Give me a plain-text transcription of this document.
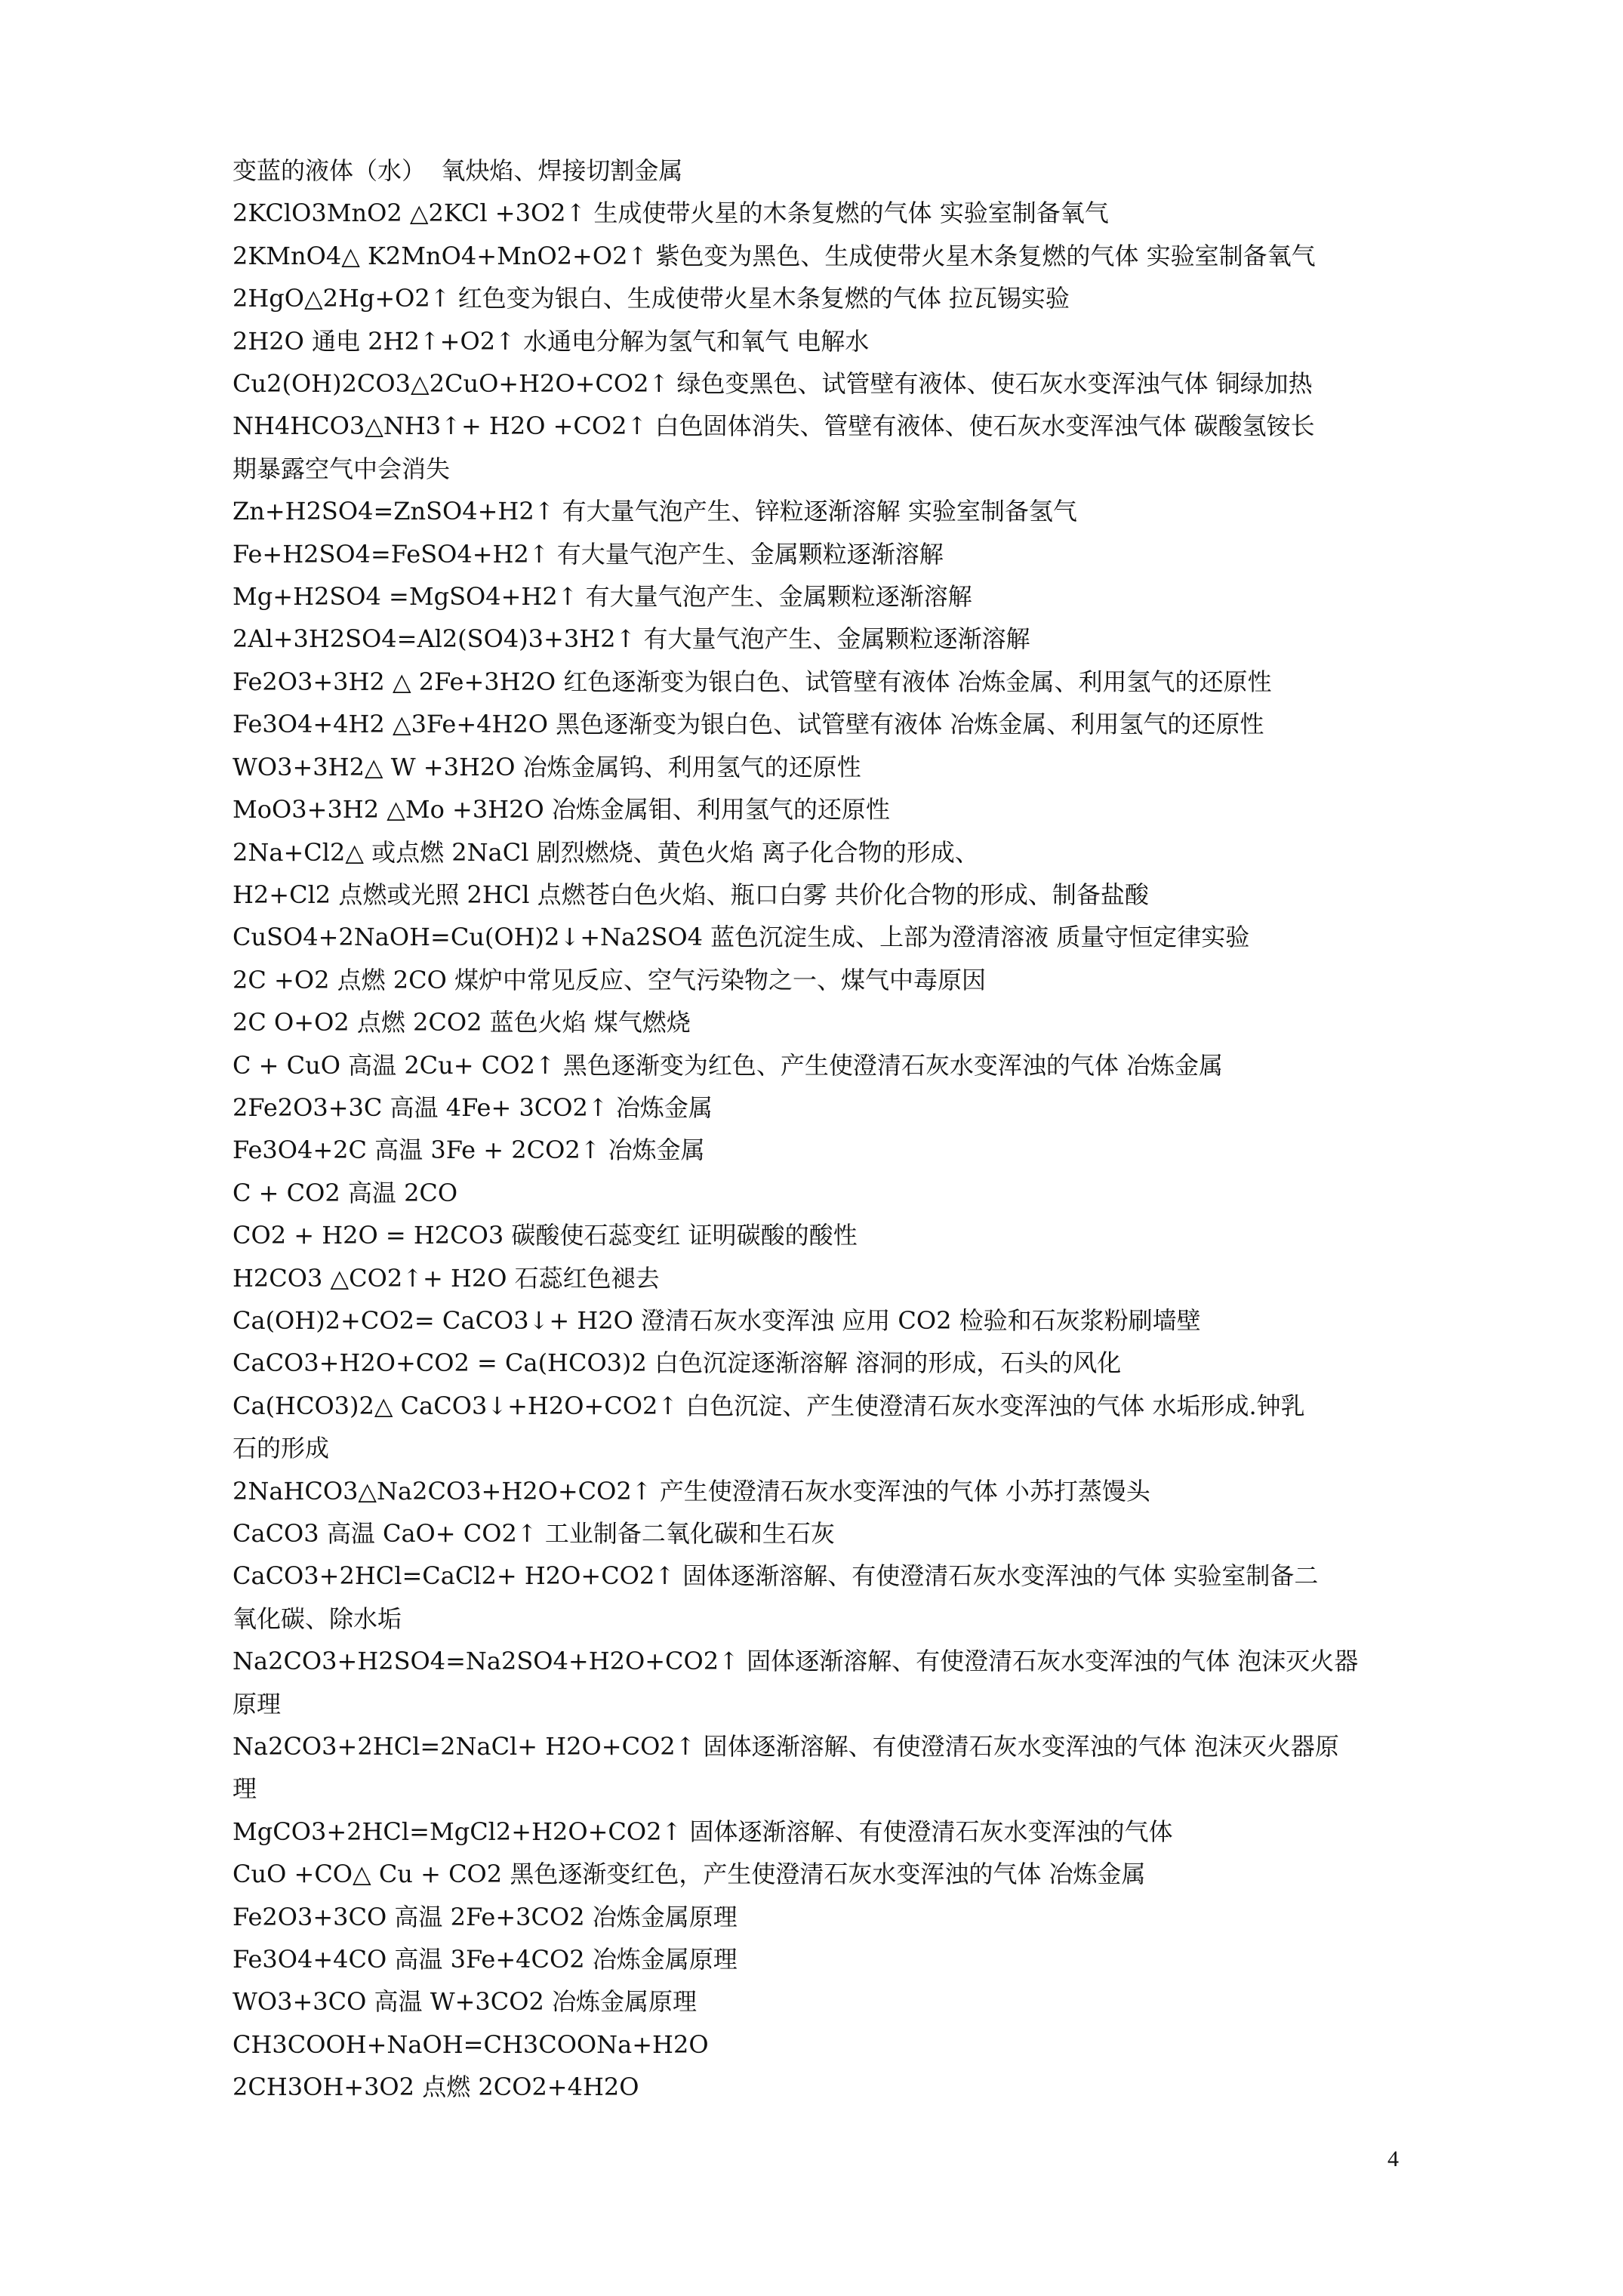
变蓝的液体（水）  氧炔焰、焊接切割金属
2KClO3MnO2 △2KCl +3O2↑ 生成使带火星的木条复燃的气体 实验室制备氧气
2KMnO4△ K2MnO4+MnO2+O2↑ 紫色变为黑色、生成使带火星木条复燃的气体 实验室制备氧气
2HgO△2Hg+O2↑ 红色变为银白、生成使带火星木条复燃的气体 拉瓦锡实验
2H2O 通电 2H2↑+O2↑ 水通电分解为氢气和氧气 电解水
Cu2(OH)2CO3△2CuO+H2O+CO2↑ 绿色变黑色、试管壁有液体、使石灰水变浑浊气体 铜绿加热
NH4HCO3△NH3↑+ H2O +CO2↑ 白色固体消失、管壁有液体、使石灰水变浑浊气体 碳酸氢铵长
期暴露空气中会消失
Zn+H2SO4=ZnSO4+H2↑ 有大量气泡产生、锌粒逐渐溶解 实验室制备氢气
Fe+H2SO4=FeSO4+H2↑ 有大量气泡产生、金属颗粒逐渐溶解
Mg+H2SO4 =MgSO4+H2↑ 有大量气泡产生、金属颗粒逐渐溶解
2Al+3H2SO4=Al2(SO4)3+3H2↑ 有大量气泡产生、金属颗粒逐渐溶解
Fe2O3+3H2 △ 2Fe+3H2O 红色逐渐变为银白色、试管壁有液体 冶炼金属、利用氢气的还原性
Fe3O4+4H2 △3Fe+4H2O 黑色逐渐变为银白色、试管壁有液体 冶炼金属、利用氢气的还原性
WO3+3H2△ W +3H2O 冶炼金属钨、利用氢气的还原性
MoO3+3H2 △Mo +3H2O 冶炼金属钼、利用氢气的还原性
2Na+Cl2△ 或点燃 2NaCl 剧烈燃烧、黄色火焰 离子化合物的形成、
H2+Cl2 点燃或光照 2HCl 点燃苍白色火焰、瓶口白雾 共价化合物的形成、制备盐酸
CuSO4+2NaOH=Cu(OH)2↓+Na2SO4 蓝色沉淀生成、上部为澄清溶液 质量守恒定律实验
2C +O2 点燃 2CO 煤炉中常见反应、空气污染物之一、煤气中毒原因
2C O+O2 点燃 2CO2 蓝色火焰 煤气燃烧
C + CuO 高温 2Cu+ CO2↑ 黑色逐渐变为红色、产生使澄清石灰水变浑浊的气体 冶炼金属
2Fe2O3+3C 高温 4Fe+ 3CO2↑ 冶炼金属
Fe3O4+2C 高温 3Fe + 2CO2↑ 冶炼金属
C + CO2 高温 2CO
CO2 + H2O = H2CO3 碳酸使石蕊变红 证明碳酸的酸性
H2CO3 △CO2↑+ H2O 石蕊红色褪去
Ca(OH)2+CO2= CaCO3↓+ H2O 澄清石灰水变浑浊 应用 CO2 检验和石灰浆粉刷墙壁
CaCO3+H2O+CO2 = Ca(HCO3)2 白色沉淀逐渐溶解 溶洞的形成，石头的风化
Ca(HCO3)2△ CaCO3↓+H2O+CO2↑ 白色沉淀、产生使澄清石灰水变浑浊的气体 水垢形成.钟乳
石的形成
2NaHCO3△Na2CO3+H2O+CO2↑ 产生使澄清石灰水变浑浊的气体 小苏打蒸馒头
CaCO3 高温 CaO+ CO2↑ 工业制备二氧化碳和生石灰
CaCO3+2HCl=CaCl2+ H2O+CO2↑ 固体逐渐溶解、有使澄清石灰水变浑浊的气体 实验室制备二
氧化碳、除水垢
Na2CO3+H2SO4=Na2SO4+H2O+CO2↑ 固体逐渐溶解、有使澄清石灰水变浑浊的气体 泡沫灭火器
原理
Na2CO3+2HCl=2NaCl+ H2O+CO2↑ 固体逐渐溶解、有使澄清石灰水变浑浊的气体 泡沫灭火器原
理
MgCO3+2HCl=MgCl2+H2O+CO2↑ 固体逐渐溶解、有使澄清石灰水变浑浊的气体
CuO +CO△ Cu + CO2 黑色逐渐变红色，产生使澄清石灰水变浑浊的气体 冶炼金属
Fe2O3+3CO 高温 2Fe+3CO2 冶炼金属原理
Fe3O4+4CO 高温 3Fe+4CO2 冶炼金属原理
WO3+3CO 高温 W+3CO2 冶炼金属原理
CH3COOH+NaOH=CH3COONa+H2O
2CH3OH+3O2 点燃 2CO2+4H2O
4
